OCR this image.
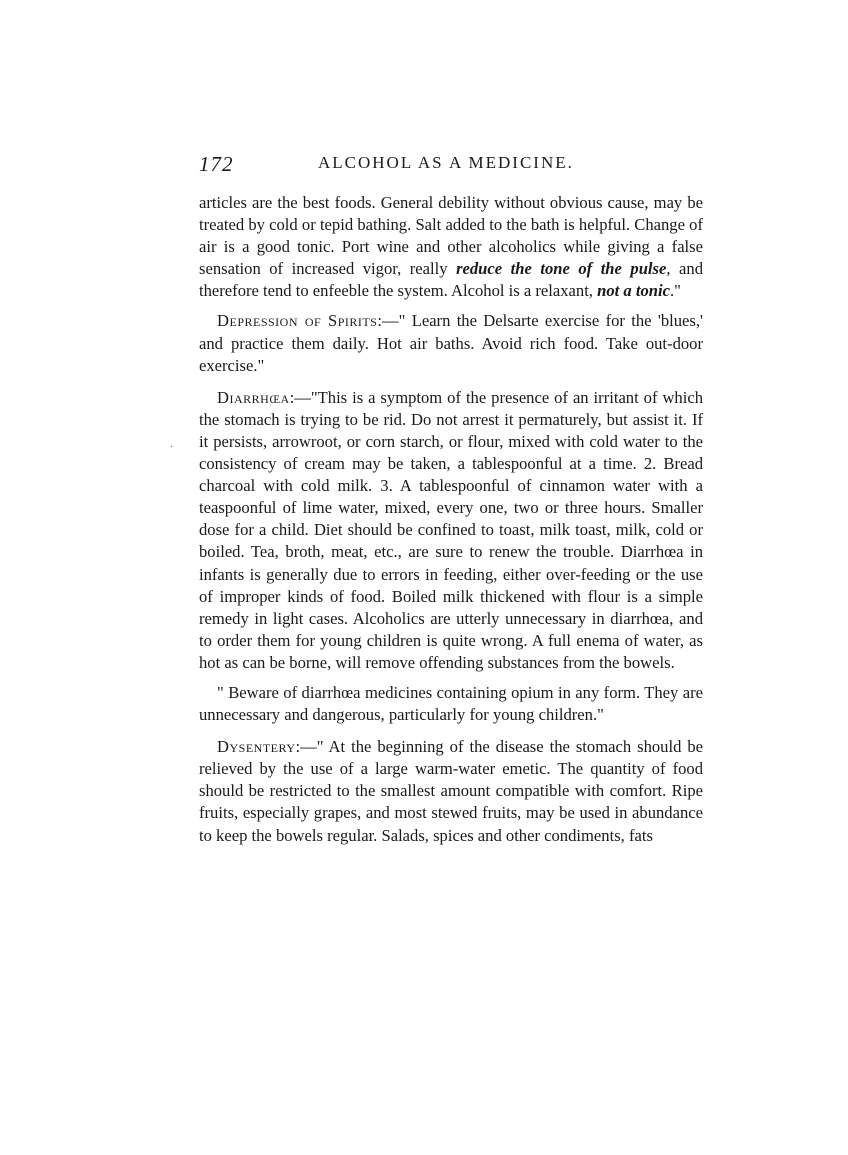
172	ALCOHOL AS A MEDICINE.
.

articles are the best foods. General debility without obvious cause, may be treated by cold or tepid bathing. Salt added to the bath is helpful. Change of air is a good tonic. Port wine and other alcoholics while giving a false sensation of increased vigor, really reduce the tone of the pulse, and therefore tend to enfeeble the system. Alcohol is a relaxant, not a tonic."

Depression of Spirits:—" Learn the Delsarte exercise for the 'blues,' and practice them daily. Hot air baths. Avoid rich food. Take out-door exercise."

Diarrhœa:—"This is a symptom of the presence of an irritant of which the stomach is trying to be rid. Do not arrest it permaturely, but assist it. If it persists, arrowroot, or corn starch, or flour, mixed with cold water to the consistency of cream may be taken, a tablespoonful at a time. 2. Bread charcoal with cold milk. 3. A tablespoonful of cinnamon water with a teaspoonful of lime water, mixed, every one, two or three hours. Smaller dose for a child. Diet should be confined to toast, milk toast, milk, cold or boiled. Tea, broth, meat, etc., are sure to renew the trouble. Diarrhœa in infants is generally due to errors in feeding, either over-feeding or the use of improper kinds of food. Boiled milk thickened with flour is a simple remedy in light cases. Alcoholics are utterly unnecessary in diarrhœa, and to order them for young children is quite wrong. A full enema of water, as hot as can be borne, will remove offending substances from the bowels.

" Beware of diarrhœa medicines containing opium in any form. They are unnecessary and dangerous, particularly for young children."

Dysentery:—" At the beginning of the disease the stomach should be relieved by the use of a large warm-water emetic. The quantity of food should be restricted to the smallest amount compatible with comfort. Ripe fruits, especially grapes, and most stewed fruits, may be used in abundance to keep the bowels regular. Salads, spices and other condiments, fats
